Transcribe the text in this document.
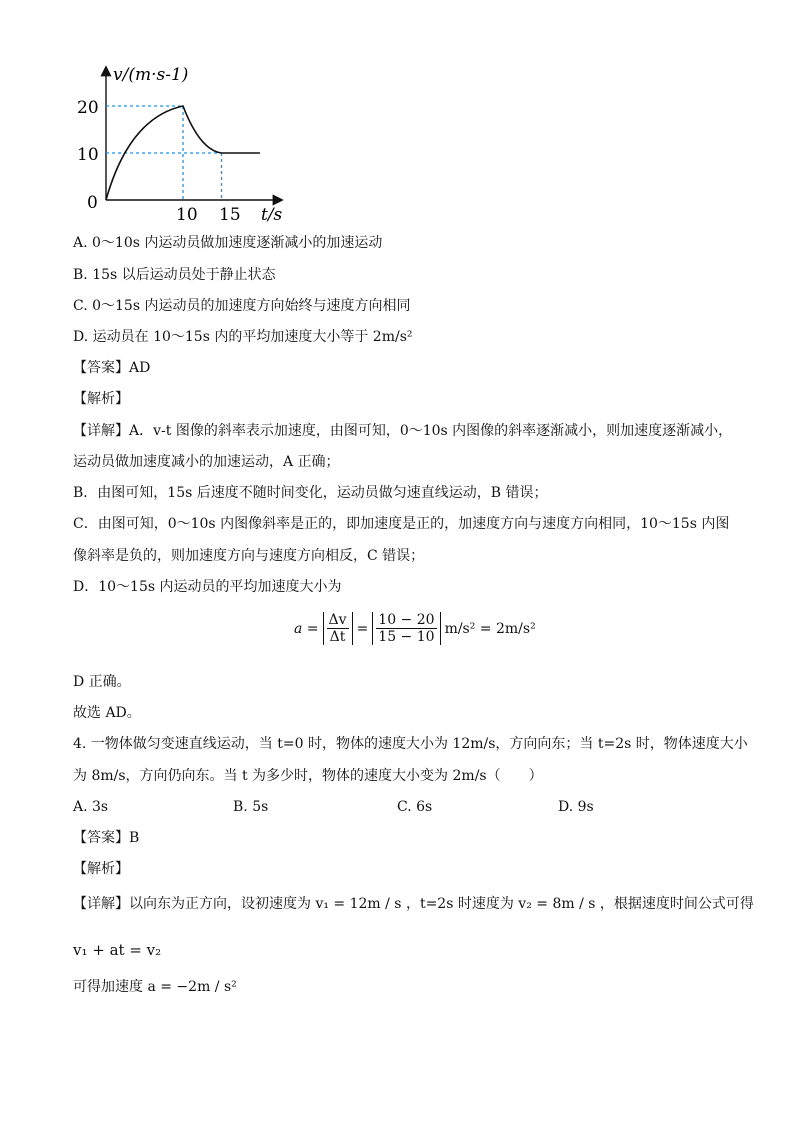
v/(m·s-1)
t/s
20
10
0
10 15
A. 0～10s 内运动员做加速度逐渐减小的加速运动
B. 15s 以后运动员处于静止状态
C. 0～15s 内运动员的加速度方向始终与速度方向相同
D. 运动员在 10～15s 内的平均加速度大小等于 2m/s²
【答案】AD
【解析】
【详解】A．v-t 图像的斜率表示加速度，由图可知，0～10s 内图像的斜率逐渐减小，则加速度逐渐减小，
运动员做加速度减小的加速运动，A 正确；
B．由图可知，15s 后速度不随时间变化，运动员做匀速直线运动，B 错误；
C．由图可知，0～10s 内图像斜率是正的，即加速度是正的，加速度方向与速度方向相同，10～15s 内图
像斜率是负的，则加速度方向与速度方向相反，C 错误；
D．10～15s 内运动员的平均加速度大小为
$a = \frac{\Delta v}{\Delta t} = \frac{10 - 20}{15 - 10} m/s^2 = 2m/s^2$
D 正确。
故选 AD。
4. 一物体做匀变速直线运动，当 t=0 时，物体的速度大小为 12m/s，方向向东；当 t=2s 时，物体速度大小
为 8m/s，方向仍向东。当 t 为多少时，物体的速度大小变为 2m/s（　　）
A. 3s	B. 5s	C. 6s	D. 9s
【答案】B
【解析】
【详解】以向东为正方向，设初速度为 v₁ = 12m / s ，t=2s 时速度为 v₂ = 8m / s ，根据速度时间公式可得
v₁ + at = v₂
可得加速度 a = −2m / s²
